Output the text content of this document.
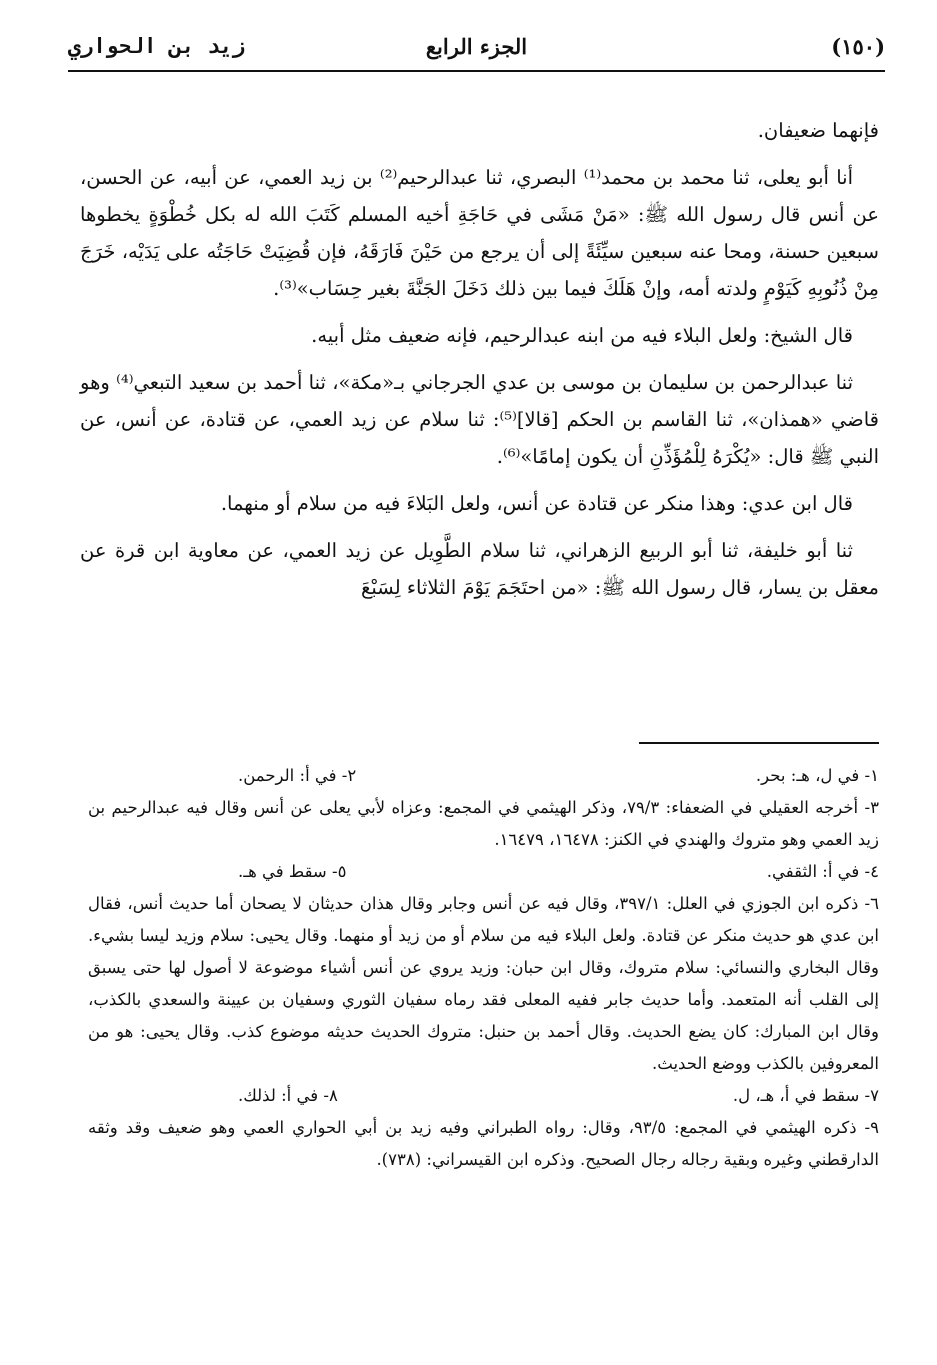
(١٥٠)
الجزء الرابع
زيد بن الحواري

فإنهما ضعيفان.

أنا أبو يعلى، ثنا محمد بن محمد⁽¹⁾ البصري، ثنا عبدالرحيم⁽²⁾ بن زيد العمي، عن أبيه، عن الحسن، عن أنس قال رسول الله ﷺ: «مَنْ مَشَى في حَاجَةِ أخيه المسلم كَتَبَ الله له بكل خُطْوَةٍ يخطوها سبعين حسنة، ومحا عنه سبعين سيِّئَةً إلى أن يرجع من حَيْنَ فَارَقَهُ، فإن قُضِيَتْ حَاجَتُه على يَدَيْه، خَرَجَ مِنْ ذُنُوبِهِ كَيَوْمٍ ولدته أمه، وإنْ هَلَكَ فيما بين ذلك دَخَلَ الجَنَّةَ بغير حِسَاب»⁽³⁾.

قال الشيخ: ولعل البلاء فيه من ابنه عبدالرحيم، فإنه ضعيف مثل أبيه.

ثنا عبدالرحمن بن سليمان بن موسى بن عدي الجرجاني بـ«مكة»، ثنا أحمد بن سعيد التبعي⁽⁴⁾ وهو قاضي «همذان»، ثنا القاسم بن الحكم [قالا]⁽⁵⁾: ثنا سلام عن زيد العمي، عن قتادة، عن أنس، عن النبي ﷺ قال: «يُكْرَهُ لِلْمُؤَذِّنِ أن يكون إمامًا»⁽⁶⁾.

قال ابن عدي: وهذا منكر عن قتادة عن أنس، ولعل البَلاءَ فيه من سلام أو منهما.

ثنا أبو خليفة، ثنا أبو الربيع الزهراني، ثنا سلام الطَّوِيل عن زيد العمي، عن معاوية ابن قرة عن معقل بن يسار، قال رسول الله ﷺ: «من احتَجَمَ يَوْمَ الثلاثاء لِسَبْعَ

١- في ل، هـ: بحر.

٢- في أ: الرحمن.

٣- أخرجه العقيلي في الضعفاء: ٧٩/٣، وذكر الهيثمي في المجمع: وعزاه لأبي يعلى عن أنس وقال فيه عبدالرحيم بن زيد العمي وهو متروك والهندي في الكنز: ١٦٤٧٨، ١٦٤٧٩.

٤- في أ: الثقفي.

٥- سقط في هـ.

٦- ذكره ابن الجوزي في العلل: ٣٩٧/١، وقال فيه عن أنس وجابر وقال هذان حديثان لا يصحان أما حديث أنس، فقال ابن عدي هو حديث منكر عن قتادة. ولعل البلاء فيه من سلام أو من زيد أو منهما. وقال يحيى: سلام وزيد ليسا بشيء. وقال البخاري والنسائي: سلام متروك، وقال ابن حبان: وزيد يروي عن أنس أشياء موضوعة لا أصول لها حتى يسبق إلى القلب أنه المتعمد. وأما حديث جابر ففيه المعلى فقد رماه سفيان الثوري وسفيان بن عيينة والسعدي بالكذب، وقال ابن المبارك: كان يضع الحديث. وقال أحمد بن حنبل: متروك الحديث حديثه موضوع كذب. وقال يحيى: هو من المعروفين بالكذب ووضع الحديث.

٧- سقط في أ، هـ، ل.

٨- في أ: لذلك.

٩- ذكره الهيثمي في المجمع: ٩٣/٥، وقال: رواه الطبراني وفيه زيد بن أبي الحواري العمي وهو ضعيف وقد وثقه الدارقطني وغيره وبقية رجاله رجال الصحيح. وذكره ابن القيسراني: (٧٣٨).
